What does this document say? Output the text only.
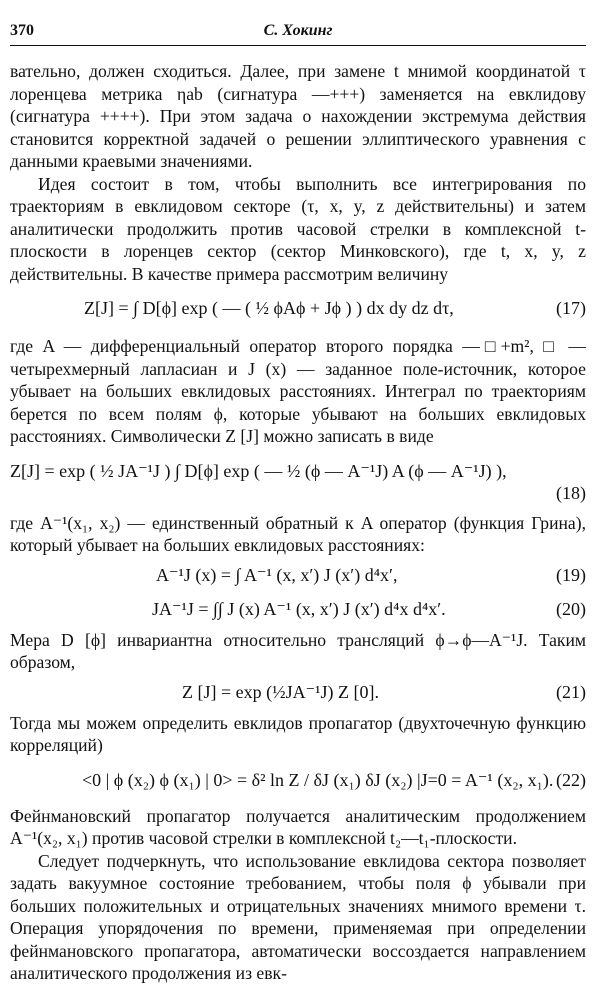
370	С. Хокинг

вательно, должен сходиться. Далее, при замене t мнимой координатой τ лоренцева метрика ηab (сигнатура —+++) заменяется на евклидову (сигнатура ++++). При этом задача о нахождении экстремума действия становится корректной задачей о решении эллиптического уравнения с данными краевыми значениями.

Идея состоит в том, чтобы выполнить все интегрирования по траекториям в евклидовом секторе (τ, x, y, z действительны) и затем аналитически продолжить против часовой стрелки в комплексной t-плоскости в лоренцев сектор (сектор Минковского), где t, x, y, z действительны. В качестве примера рассмотрим величину

Z[J] = ∫ D[ϕ] exp ( — ( ½ ϕAϕ + Jϕ ) ) dx dy dz dτ,	(17)

где A — дифференциальный оператор второго порядка —□+m², □ — четырехмерный лапласиан и J (x) — заданное поле-источник, которое убывает на больших евклидовых расстояниях. Интеграл по траекториям берется по всем полям ϕ, которые убывают на больших евклидовых расстояниях. Символически Z [J] можно записать в виде

Z[J] = exp ( ½ JA⁻¹J ) ∫ D[ϕ] exp ( — ½ (ϕ — A⁻¹J) A (ϕ — A⁻¹J) ),
(18)

где A⁻¹(x₁, x₂) — единственный обратный к A оператор (функция Грина), который убывает на больших евклидовых расстояниях:

A⁻¹J (x) = ∫ A⁻¹ (x, x′) J (x′) d⁴x′,	(19)
JA⁻¹J = ∫∫ J (x) A⁻¹ (x, x′) J (x′) d⁴x d⁴x′.	(20)

Мера D [ϕ] инвариантна относительно трансляций ϕ→ϕ—A⁻¹J. Таким образом,

Z [J] = exp (½JA⁻¹J) Z [0].	(21)

Тогда мы можем определить евклидов пропагатор (двухточечную функцию корреляций)

<0 | ϕ (x₂) ϕ (x₁) | 0> = δ² ln Z / δJ (x₁) δJ (x₂) |J=0 = A⁻¹ (x₂, x₁). (22)

Фейнмановский пропагатор получается аналитическим продолжением A⁻¹(x₂, x₁) против часовой стрелки в комплексной t₂—t₁-плоскости.

Следует подчеркнуть, что использование евклидова сектора позволяет задать вакуумное состояние требованием, чтобы поля ϕ убывали при больших положительных и отрицательных значениях мнимого времени τ. Операция упорядочения по времени, применяемая при определении фейнмановского пропагатора, автоматически воссоздается направлением аналитического продолжения из евк-
